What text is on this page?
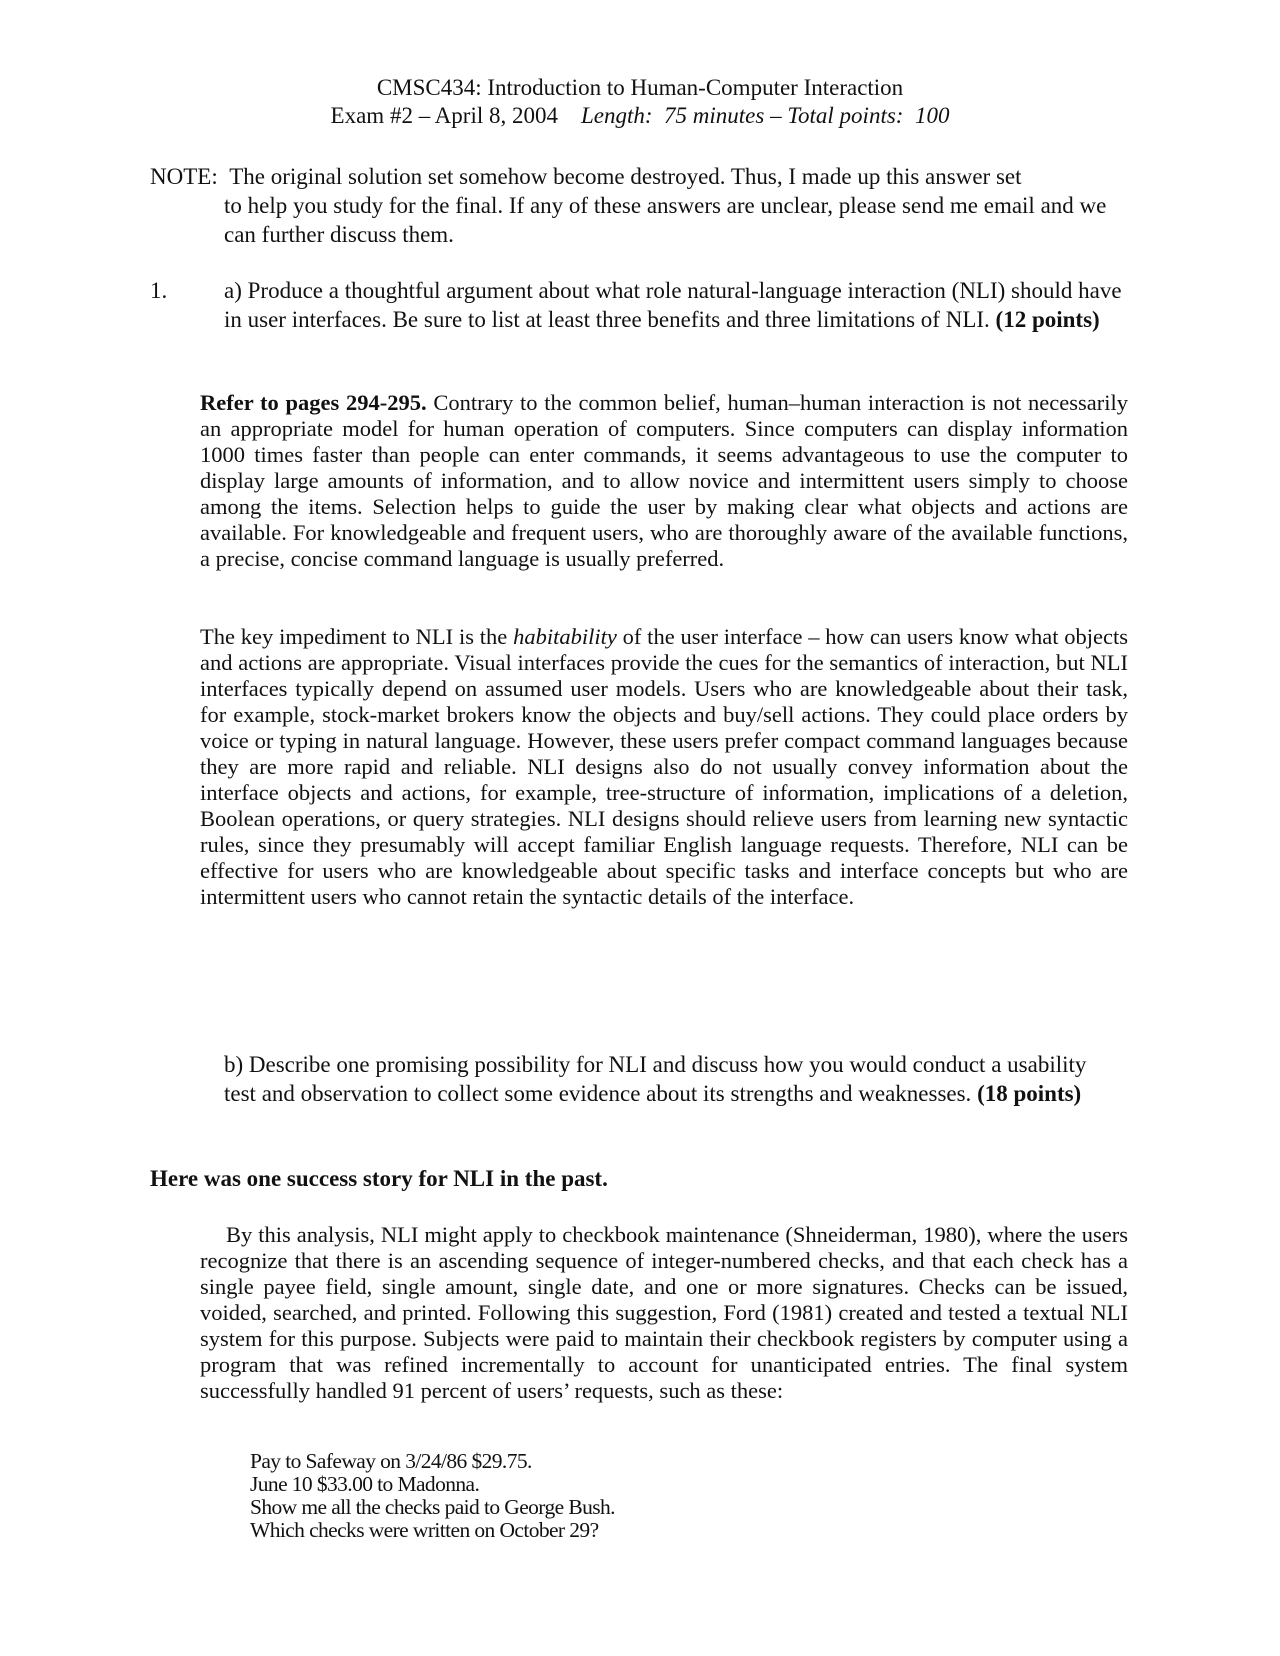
CMSC434: Introduction to Human-Computer Interaction
Exam #2 – April 8, 2004 Length: 75 minutes – Total points: 100
NOTE: The original solution set somehow become destroyed. Thus, I made up this answer set
to help you study for the final. If any of these answers are unclear, please send me email and we can further discuss them.
1. a) Produce a thoughtful argument about what role natural-language interaction (NLI) should have in user interfaces. Be sure to list at least three benefits and three limitations of NLI. (12 points)
Refer to pages 294-295. Contrary to the common belief, human–human interaction is not necessarily an appropriate model for human operation of computers. Since computers can display information 1000 times faster than people can enter commands, it seems advantageous to use the computer to display large amounts of information, and to allow novice and intermittent users simply to choose among the items. Selection helps to guide the user by making clear what objects and actions are available. For knowledgeable and frequent users, who are thoroughly aware of the available functions, a precise, concise command language is usually preferred.
The key impediment to NLI is the habitability of the user interface – how can users know what objects and actions are appropriate. Visual interfaces provide the cues for the semantics of interaction, but NLI interfaces typically depend on assumed user models. Users who are knowledgeable about their task, for example, stock-market brokers know the objects and buy/sell actions. They could place orders by voice or typing in natural language. However, these users prefer compact command languages because they are more rapid and reliable. NLI designs also do not usually convey information about the interface objects and actions, for example, tree-structure of information, implications of a deletion, Boolean operations, or query strategies. NLI designs should relieve users from learning new syntactic rules, since they presumably will accept familiar English language requests. Therefore, NLI can be effective for users who are knowledgeable about specific tasks and interface concepts but who are intermittent users who cannot retain the syntactic details of the interface.
b) Describe one promising possibility for NLI and discuss how you would conduct a usability test and observation to collect some evidence about its strengths and weaknesses. (18 points)
Here was one success story for NLI in the past.
By this analysis, NLI might apply to checkbook maintenance (Shneiderman, 1980), where the users recognize that there is an ascending sequence of integer-numbered checks, and that each check has a single payee field, single amount, single date, and one or more signatures. Checks can be issued, voided, searched, and printed. Following this suggestion, Ford (1981) created and tested a textual NLI system for this purpose. Subjects were paid to maintain their checkbook registers by computer using a program that was refined incrementally to account for unanticipated entries. The final system successfully handled 91 percent of users’ requests, such as these:
Pay to Safeway on 3/24/86 $29.75.
June 10 $33.00 to Madonna.
Show me all the checks paid to George Bush.
Which checks were written on October 29?
